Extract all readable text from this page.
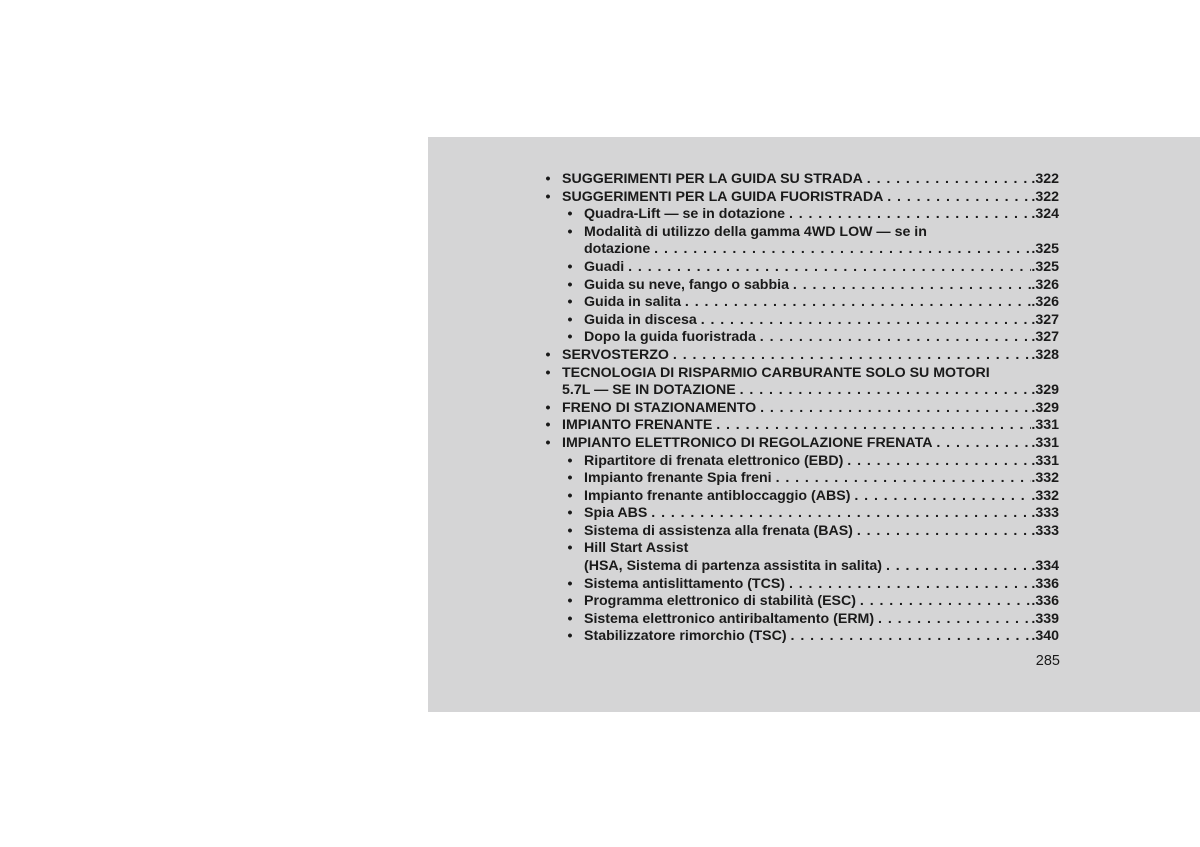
• SUGGERIMENTI PER LA GUIDA SU STRADA . . .	.322
• SUGGERIMENTI PER LA GUIDA FUORISTRADA . . .	.322
• Quadra-Lift — se in dotazione . . .	.324
• Modalità di utilizzo della gamma 4WD LOW — se in
dotazione . . .	.325
• Guadi . . .	.325
• Guida su neve, fango o sabbia . . .	.326
• Guida in salita . . .	.326
• Guida in discesa . . .	.327
• Dopo la guida fuoristrada . . .	.327
• SERVOSTERZO . . .	.328
• TECNOLOGIA DI RISPARMIO CARBURANTE SOLO SU MOTORI
5.7L — SE IN DOTAZIONE . . .	.329
• FRENO DI STAZIONAMENTO . . .	.329
• IMPIANTO FRENANTE . . .	.331
• IMPIANTO ELETTRONICO DI REGOLAZIONE FRENATA . . .	.331
• Ripartitore di frenata elettronico (EBD) . . .	.331
• Impianto frenante Spia freni . . .	.332
• Impianto frenante antibloccaggio (ABS) . . .	.332
• Spia ABS . . .	.333
• Sistema di assistenza alla frenata (BAS) . . .	.333
• Hill Start Assist
(HSA, Sistema di partenza assistita in salita) . . .	.334
• Sistema antislittamento (TCS) . . .	.336
• Programma elettronico di stabilità (ESC) . . .	.336
• Sistema elettronico antiribaltamento (ERM) . . .	.339
• Stabilizzatore rimorchio (TSC) . . .	.340
285
